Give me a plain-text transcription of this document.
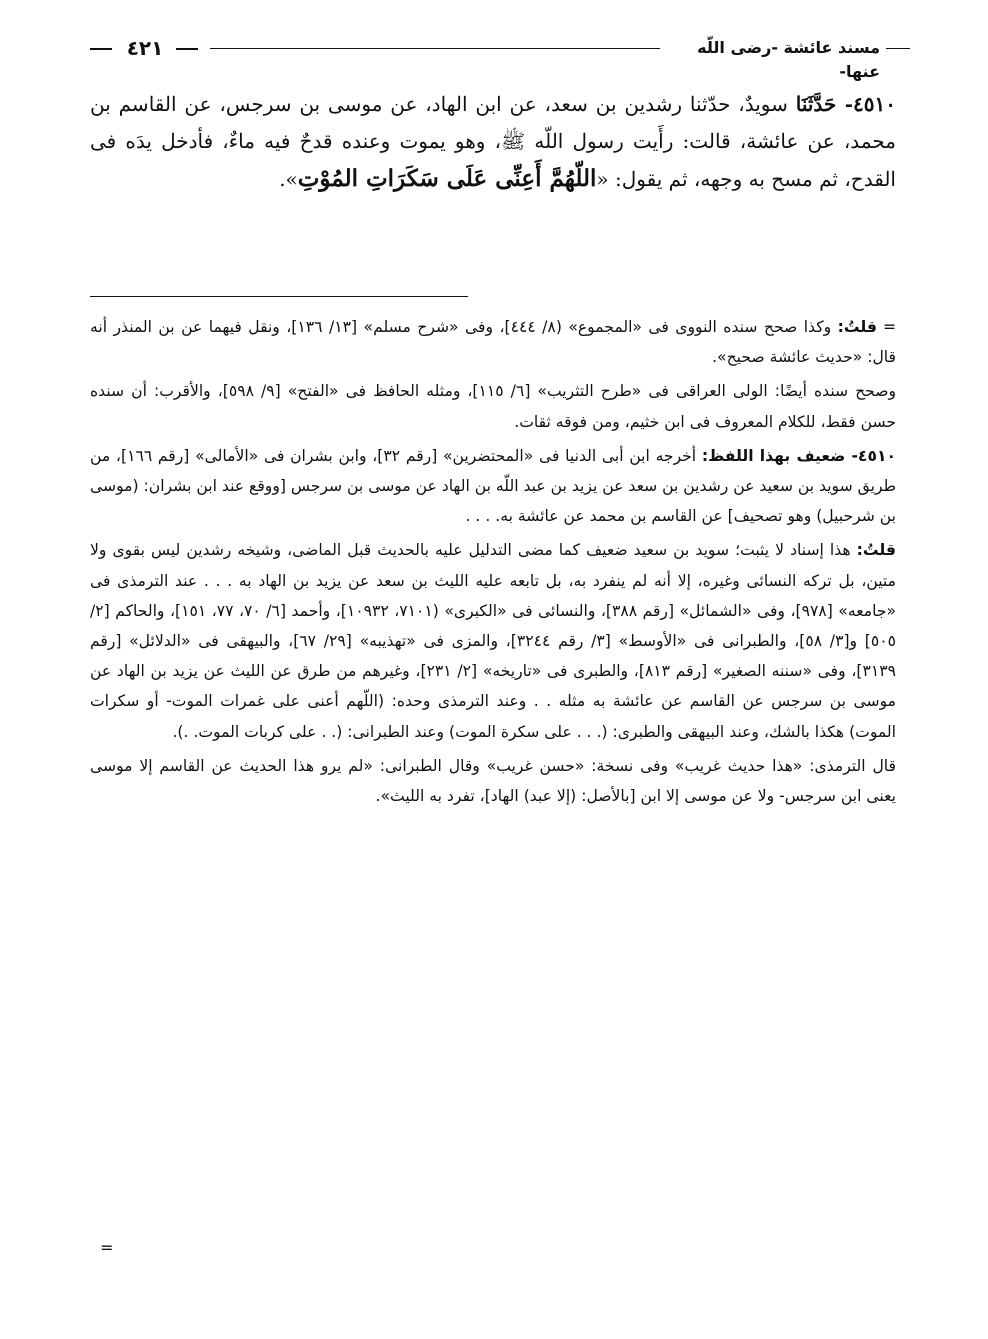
٤٢١	مسند عائشة -رضى اللّه عنها-
٤٥١٠- حَدَّثَنَا سويدٌ، حدّثنا رشدين بن سعد، عن ابن الهاد، عن موسى بن سرجس، عن القاسم بن محمد، عن عائشة، قالت: رأَيت رسول اللّه ﷺ، وهو يموت وعنده قدحٌ فيه ماءٌ، فأدخل يدَه فى القدح، ثم مسح به وجهه، ثم يقول: «اللّهُمَّ أَعِنِّى عَلَى سَكَرَاتِ المُوْتِ».

=قلتُ: وكذا صحح سنده النووى فى «المجموع» (٨/ ٤٤٤]، وفى «شرح مسلم» [١٣/ ١٣٦]، ونقل فيهما عن بن المنذر أنه قال: «حديث عائشة صحيح».

وصحح سنده أيضًا: الولى العراقى فى «طرح التثريب» [٦/ ١١٥]، ومثله الحافظ فى «الفتح» [٩/ ٥٩٨]، والأقرب: أن سنده حسن فقط، للكلام المعروف فى ابن خثيم، ومن فوقه ثقات.

٤٥١٠- ضعيف بهذا اللفظ: أخرجه ابن أبى الدنيا فى «المحتضرين» [رقم ٣٢]، وابن بشران فى «الأمالى» [رقم ١٦٦]، من طريق سويد بن سعيد عن رشدين بن سعد عن يزيد بن عبد اللّه بن الهاد عن موسى بن سرجس [ووقع عند ابن بشران: (موسى بن شرحبيل) وهو تصحيف] عن القاسم بن محمد عن عائشة به. . . .

قلتُ: هذا إسناد لا يثبت؛ سويد بن سعيد ضعيف كما مضى التدليل عليه بالحديث قبل الماضى، وشيخه رشدين ليس بقوى ولا متين، بل تركه النسائى وغيره، إلا أنه لم ينفرد به، بل تابعه عليه الليث بن سعد عن يزيد بن الهاد به . . . عند الترمذى فى «جامعه» [٩٧٨]، وفى «الشمائل» [رقم ٣٨٨]، والنسائى فى «الكبرى» (٧١٠١، ١٠٩٣٢]، وأحمد [٦/ ٧٠، ٧٧، ١٥١]، والحاكم [٢/ ٥٠٥] و[٣/ ٥٨]، والطبرانى فى «الأوسط» [٣/ رقم ٣٢٤٤]، والمزى فى «تهذيبه» [٢٩/ ٦٧]، والبيهقى فى «الدلائل» [رقم ٣١٣٩]، وفى «سننه الصغير» [رقم ٨١٣]، والطبرى فى «تاريخه» [٢/ ٢٣١]، وغيرهم من طرق عن الليث عن يزيد بن الهاد عن موسى بن سرجس عن القاسم عن عائشة به مثله . . وعند الترمذى وحده: (اللّهم أعنى على غمرات الموت- أو سكرات الموت) هكذا بالشك، وعند البيهقى والطبرى: (. . . على سكرة الموت) وعند الطبرانى: (. . على كربات الموت. .).

قال الترمذى: «هذا حديث غريب» وفى نسخة: «حسن غريب» وقال الطبرانى: «لم يرو هذا الحديث عن القاسم إلا موسى يعنى ابن سرجس- ولا عن موسى إلا ابن [بالأصل: (إلا عبد) الهاد]، تفرد به الليث».

=
